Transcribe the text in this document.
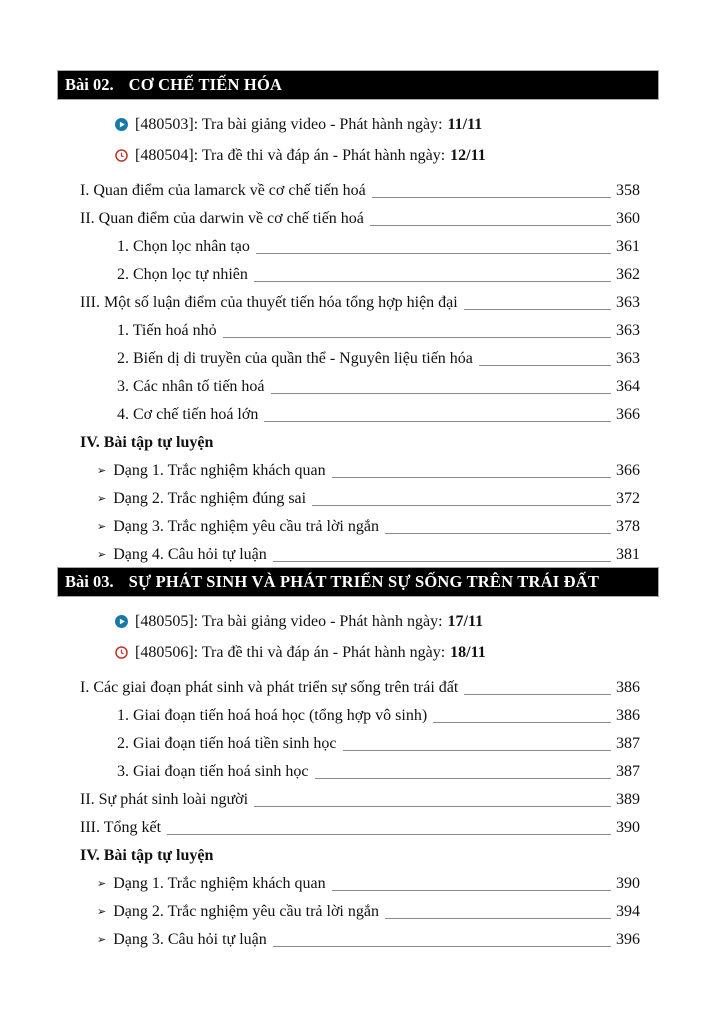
Bài 02. CƠ CHẾ TIẾN HÓA
[480503]: Tra bài giảng video - Phát hành ngày: 11/11
[480504]: Tra đề thi và đáp án - Phát hành ngày: 12/11
I. Quan điểm của lamarck về cơ chế tiến hoá	358
II. Quan điểm của darwin về cơ chế tiến hoá	360
1. Chọn lọc nhân tạo	361
2. Chọn lọc tự nhiên	362
III. Một số luận điểm của thuyết tiến hóa tổng hợp hiện đại	363
1. Tiến hoá nhỏ	363
2. Biến dị di truyền của quần thể - Nguyên liệu tiến hóa	363
3. Các nhân tố tiến hoá	364
4. Cơ chế tiến hoá lớn	366
IV. Bài tập tự luyện
➢ Dạng 1. Trắc nghiệm khách quan	366
➢ Dạng 2. Trắc nghiệm đúng sai	372
➢ Dạng 3. Trắc nghiệm yêu cầu trả lời ngắn	378
➢ Dạng 4. Câu hỏi tự luận	381
Bài 03. SỰ PHÁT SINH VÀ PHÁT TRIỂN SỰ SỐNG TRÊN TRÁI ĐẤT
[480505]: Tra bài giảng video - Phát hành ngày: 17/11
[480506]: Tra đề thi và đáp án - Phát hành ngày: 18/11
I. Các giai đoạn phát sinh và phát triển sự sống trên trái đất	386
1. Giai đoạn tiến hoá hoá học (tổng hợp vô sinh)	386
2. Giai đoạn tiến hoá tiền sinh học	387
3. Giai đoạn tiến hoá sinh học	387
II. Sự phát sinh loài người	389
III. Tổng kết	390
IV. Bài tập tự luyện
➢ Dạng 1. Trắc nghiệm khách quan	390
➢ Dạng 2. Trắc nghiệm yêu cầu trả lời ngắn	394
➢ Dạng 3. Câu hỏi tự luận	396
